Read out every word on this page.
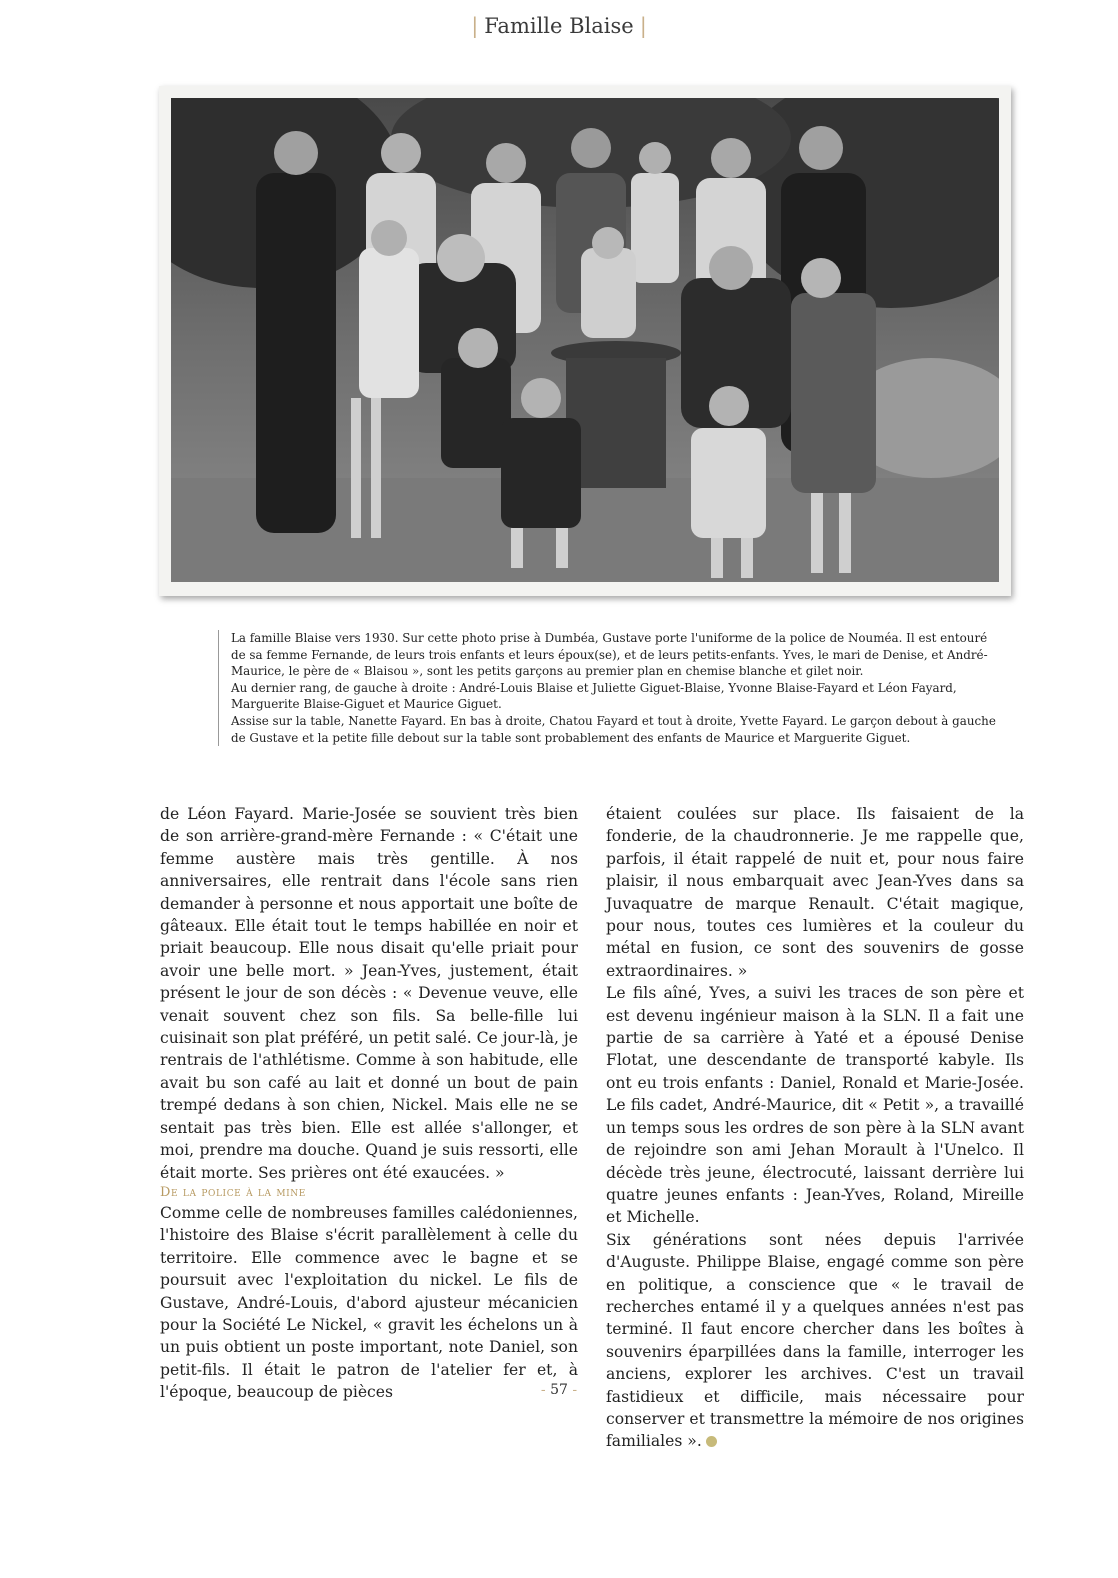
| Famille Blaise |

La famille Blaise vers 1930. Sur cette photo prise à Dumbéa, Gustave porte l'uniforme de la police de Nouméa. Il est entouré de sa femme Fernande, de leurs trois enfants et leurs époux(se), et de leurs petits-enfants. Yves, le mari de Denise, et André-Maurice, le père de « Blaisou », sont les petits garçons au premier plan en chemise blanche et gilet noir.

Au dernier rang, de gauche à droite : André-Louis Blaise et Juliette Giguet-Blaise, Yvonne Blaise-Fayard et Léon Fayard, Marguerite Blaise-Giguet et Maurice Giguet.

Assise sur la table, Nanette Fayard. En bas à droite, Chatou Fayard et tout à droite, Yvette Fayard. Le garçon debout à gauche de Gustave et la petite fille debout sur la table sont probablement des enfants de Maurice et Marguerite Giguet.

de Léon Fayard. Marie-Josée se souvient très bien de son arrière-grand-mère Fernande : « C'était une femme austère mais très gentille. À nos anniversaires, elle rentrait dans l'école sans rien demander à personne et nous apportait une boîte de gâteaux. Elle était tout le temps habillée en noir et priait beaucoup. Elle nous disait qu'elle priait pour avoir une belle mort. » Jean-Yves, justement, était présent le jour de son décès : « Devenue veuve, elle venait souvent chez son fils. Sa belle-fille lui cuisinait son plat préféré, un petit salé. Ce jour-là, je rentrais de l'athlétisme. Comme à son habitude, elle avait bu son café au lait et donné un bout de pain trempé dedans à son chien, Nickel. Mais elle ne se sentait pas très bien. Elle est allée s'allonger, et moi, prendre ma douche. Quand je suis ressorti, elle était morte. Ses prières ont été exaucées. »

De la police à la mine

Comme celle de nombreuses familles calédoniennes, l'histoire des Blaise s'écrit parallèlement à celle du territoire. Elle commence avec le bagne et se poursuit avec l'exploitation du nickel. Le fils de Gustave, André-Louis, d'abord ajusteur mécanicien pour la Société Le Nickel, « gravit les échelons un à un puis obtient un poste important, note Daniel, son petit-fils. Il était le patron de l'atelier fer et, à l'époque, beaucoup de pièces

étaient coulées sur place. Ils faisaient de la fonderie, de la chaudronnerie. Je me rappelle que, parfois, il était rappelé de nuit et, pour nous faire plaisir, il nous embarquait avec Jean-Yves dans sa Juvaquatre de marque Renault. C'était magique, pour nous, toutes ces lumières et la couleur du métal en fusion, ce sont des souvenirs de gosse extraordinaires. »

Le fils aîné, Yves, a suivi les traces de son père et est devenu ingénieur maison à la SLN. Il a fait une partie de sa carrière à Yaté et a épousé Denise Flotat, une descendante de transporté kabyle. Ils ont eu trois enfants : Daniel, Ronald et Marie-Josée. Le fils cadet, André-Maurice, dit « Petit », a travaillé un temps sous les ordres de son père à la SLN avant de rejoindre son ami Jehan Morault à l'Unelco. Il décède très jeune, électrocuté, laissant derrière lui quatre jeunes enfants : Jean-Yves, Roland, Mireille et Michelle.

Six générations sont nées depuis l'arrivée d'Auguste. Philippe Blaise, engagé comme son père en politique, a conscience que « le travail de recherches entamé il y a quelques années n'est pas terminé. Il faut encore chercher dans les boîtes à souvenirs éparpillées dans la famille, interroger les anciens, explorer les archives. C'est un travail fastidieux et difficile, mais nécessaire pour conserver et transmettre la mémoire de nos origines familiales ».

- 57 -
